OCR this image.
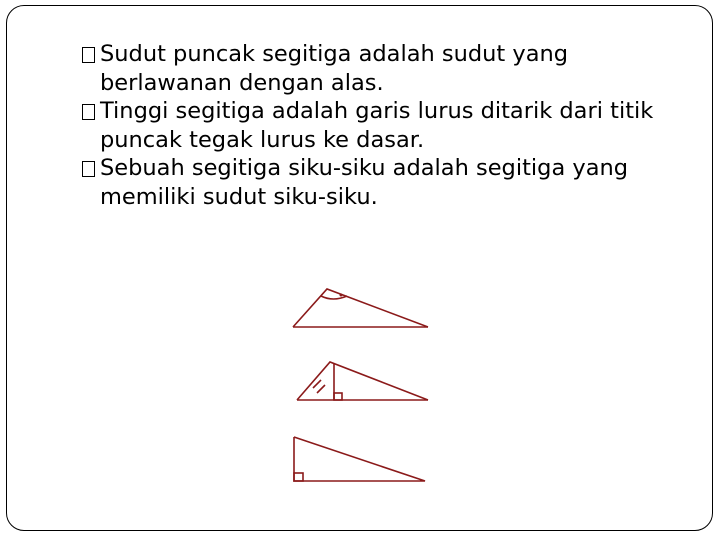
Sudut puncak segitiga adalah sudut yang berlawanan dengan alas.
Tinggi segitiga adalah garis lurus ditarik dari titik puncak tegak lurus ke dasar.
Sebuah segitiga siku-siku adalah segitiga yang memiliki sudut siku-siku.
